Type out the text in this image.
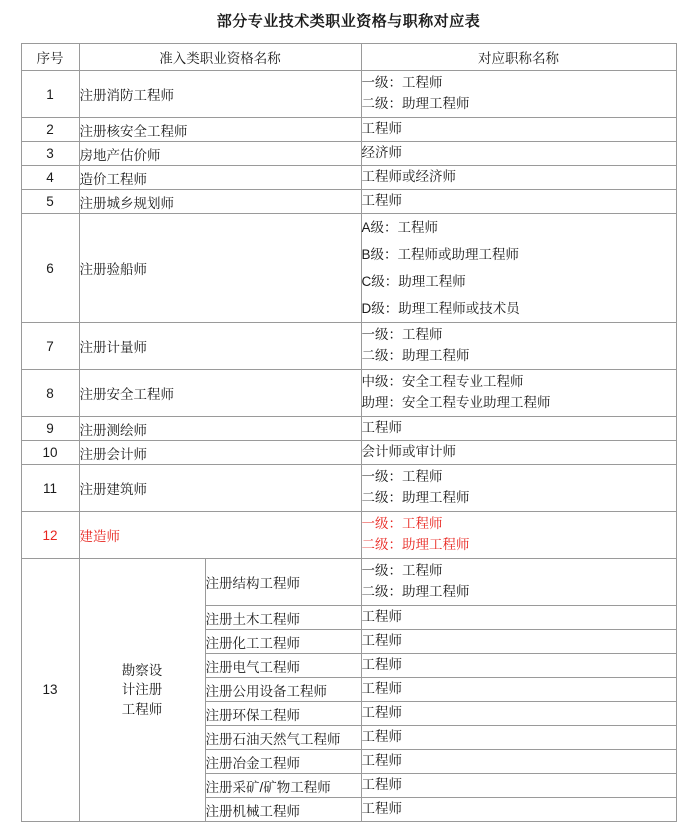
部分专业技术类职业资格与职称对应表
序号	准入类职业资格名称		对应职称名称
1	注册消防工程师		一级：工程师
二级：助理工程师

2	注册核安全工程师		工程师
3	房地产估价师		经济师
4	造价工程师		工程师或经济师
5	注册城乡规划师		工程师
6	注册验船师		A级：工程师
B级：工程师或助理工程师
C级：助理工程师
D级：助理工程师或技术员

7	注册计量师		一级：工程师
二级：助理工程师

8	注册安全工程师		中级：安全工程专业工程师
助理：安全工程专业助理工程师

9	注册测绘师		工程师
10	注册会计师		会计师或审计师
11	注册建筑师		一级：工程师
二级：助理工程师

12	建造师		一级：工程师
二级：助理工程师

13	勘察设
计注册
工程师	注册结构工程师	一级：工程师
二级：助理工程师

		注册土木工程师	工程师
		注册化工工程师	工程师
		注册电气工程师	工程师
		注册公用设备工程师	工程师
		注册环保工程师	工程师
		注册石油天然气工程师	工程师
		注册冶金工程师	工程师
		注册采矿/矿物工程师	工程师
		注册机械工程师	工程师
